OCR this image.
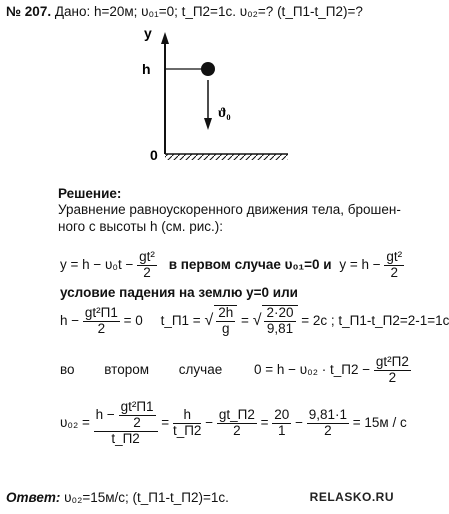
№ 207. Дано: h=20м; υ₀₁=0; t_П2=1с. υ₀₂=? (t_П1-t_П2)=?
y
h
0
ϑ₀
Решение:
Уравнение равноускоренного движения тела, брошен-
ного с высоты h (см. рис.):
$y = h - \upsilon_0t - \frac{\text{gt²}}{2}$ в первом случае υ₀₁=0 и $y = h - \frac{\text{gt²}}{2}$
условие падения на землю y=0 или
$h - \frac{\text{gt²П1}}{2} = 0$ t_П1 = √ $\frac{2h}{g}$ = √ $\frac{2\cdot 20}{9,81} = 2с$ ; t_П1-t_П2=2-1=1с
во втором случае 0 = h − υ₀₂ · t_П2 − $\frac{\text{gt²П2}}{2}$
$\upsilon_{02} = \frac{h - \frac{\text{gt²П1}}{2}}{t\_П2} = \frac{h}{t\_П2} - \frac{gt\_П2}{2} = \frac{20}{1} - \frac{9,81\cdot 1}{2} = 15м / с$
Ответ: υ₀₂=15м/с; (t_П1-t_П2)=1с.	RELASKO.RU
